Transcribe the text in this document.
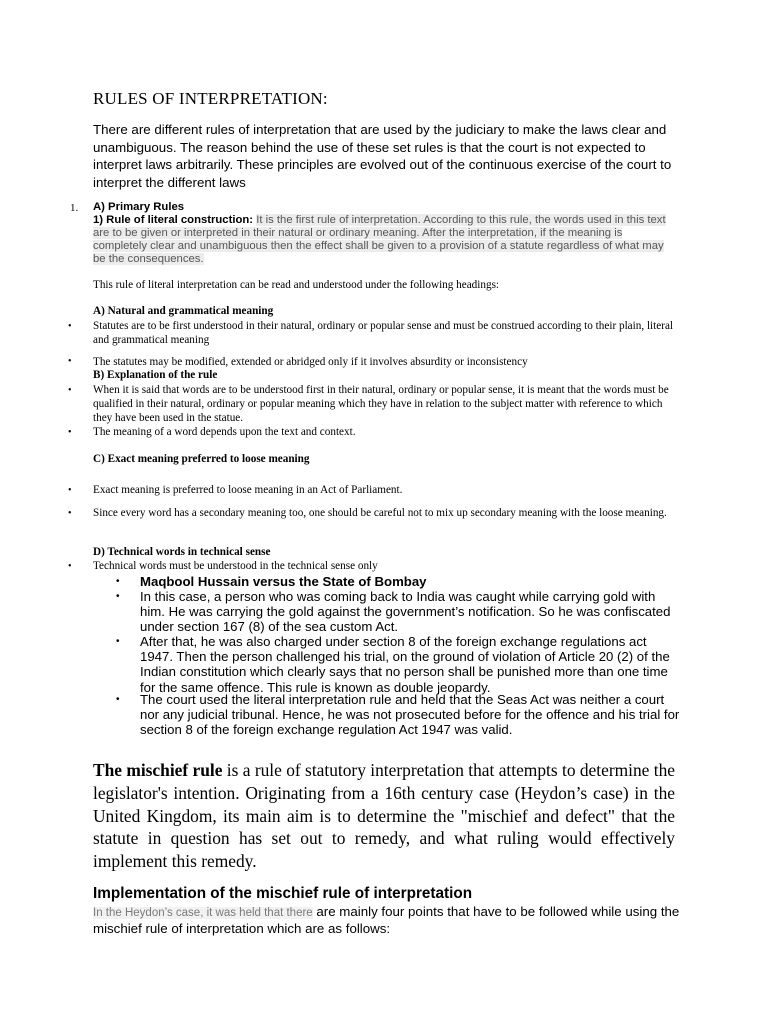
RULES OF INTERPRETATION:
There are different rules of interpretation that are used by the judiciary to make the laws clear and unambiguous. The reason behind the use of these set rules is that the court is not expected to interpret laws arbitrarily. These principles are evolved out of the continuous exercise of the court to interpret the different laws
1. A) Primary Rules
1) Rule of literal construction: It is the first rule of interpretation. According to this rule, the words used in this text are to be given or interpreted in their natural or ordinary meaning. After the interpretation, if the meaning is completely clear and unambiguous then the effect shall be given to a provision of a statute regardless of what may be the consequences.
This rule of literal interpretation can be read and understood under the following headings:
A) Natural and grammatical meaning
• Statutes are to be first understood in their natural, ordinary or popular sense and must be construed according to their plain, literal and grammatical meaning
• The statutes may be modified, extended or abridged only if it involves absurdity or inconsistency
B) Explanation of the rule
• When it is said that words are to be understood first in their natural, ordinary or popular sense, it is meant that the words must be qualified in their natural, ordinary or popular meaning which they have in relation to the subject matter with reference to which they have been used in the statue.
• The meaning of a word depends upon the text and context.
C) Exact meaning preferred to loose meaning
• Exact meaning is preferred to loose meaning in an Act of Parliament.
• Since every word has a secondary meaning too, one should be careful not to mix up secondary meaning with the loose meaning.
D) Technical words in technical sense
• Technical words must be understood in the technical sense only
• Maqbool Hussain versus the State of Bombay
• In this case, a person who was coming back to India was caught while carrying gold with him. He was carrying the gold against the government’s notification. So he was confiscated under section 167 (8) of the sea custom Act.
• After that, he was also charged under section 8 of the foreign exchange regulations act 1947. Then the person challenged his trial, on the ground of violation of Article 20 (2) of the Indian constitution which clearly says that no person shall be punished more than one time for the same offence. This rule is known as double jeopardy.
• The court used the literal interpretation rule and held that the Seas Act was neither a court nor any judicial tribunal. Hence, he was not prosecuted before for the offence and his trial for section 8 of the foreign exchange regulation Act 1947 was valid.
The mischief rule is a rule of statutory interpretation that attempts to determine the legislator's intention. Originating from a 16th century case (Heydon’s case) in the United Kingdom, its main aim is to determine the "mischief and defect" that the statute in question has set out to remedy, and what ruling would effectively implement this remedy.
Implementation of the mischief rule of interpretation
In the Heydon’s case, it was held that there are mainly four points that have to be followed while using the mischief rule of interpretation which are as follows:
